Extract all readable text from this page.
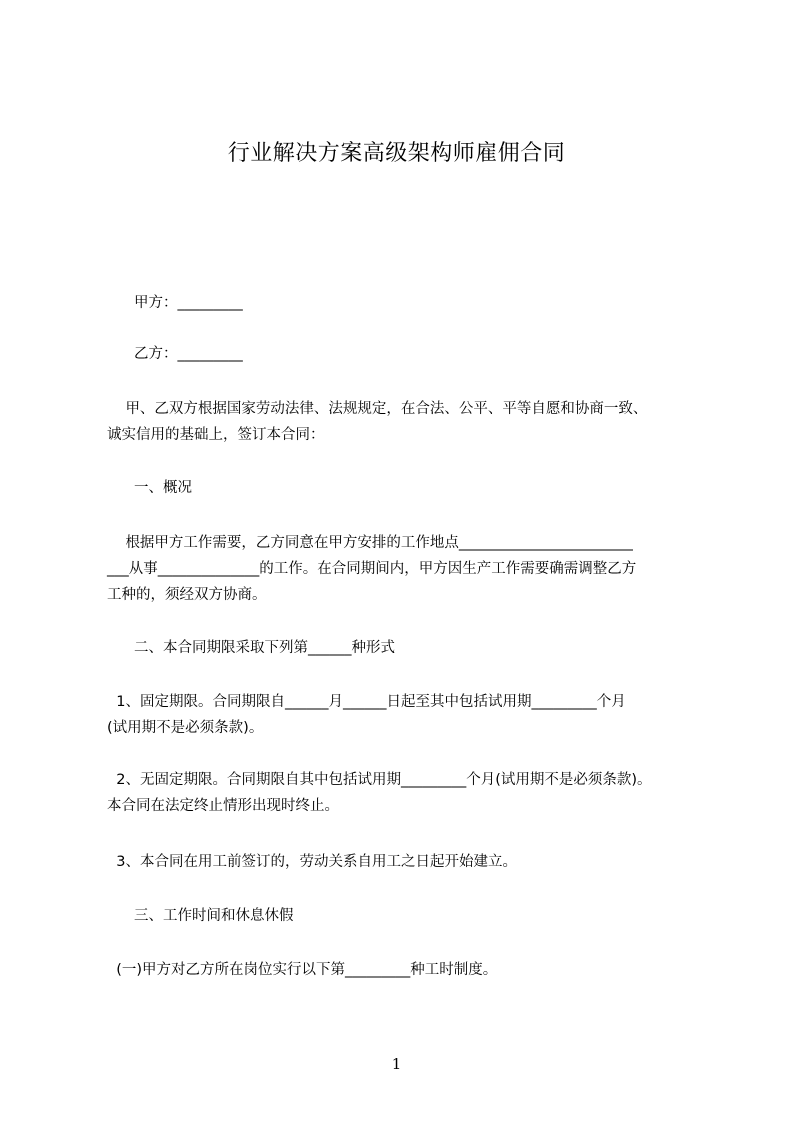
行业解决方案高级架构师雇佣合同
甲方：_________
乙方：_________
甲、乙双方根据国家劳动法律、法规规定，在合法、公平、平等自愿和协商一致、
诚实信用的基础上，签订本合同：
一、概况
根据甲方工作需要，乙方同意在甲方安排的工作地点________________________
___从事______________的工作。在合同期间内，甲方因生产工作需要确需调整乙方
工种的，须经双方协商。
二、本合同期限采取下列第______种形式
1、固定期限。合同期限自______月______日起至其中包括试用期_________个月
(试用期不是必须条款)。
2、无固定期限。合同期限自其中包括试用期_________个月(试用期不是必须条款)。
本合同在法定终止情形出现时终止。
3、本合同在用工前签订的，劳动关系自用工之日起开始建立。
三、工作时间和休息休假
(一)甲方对乙方所在岗位实行以下第_________种工时制度。
1
